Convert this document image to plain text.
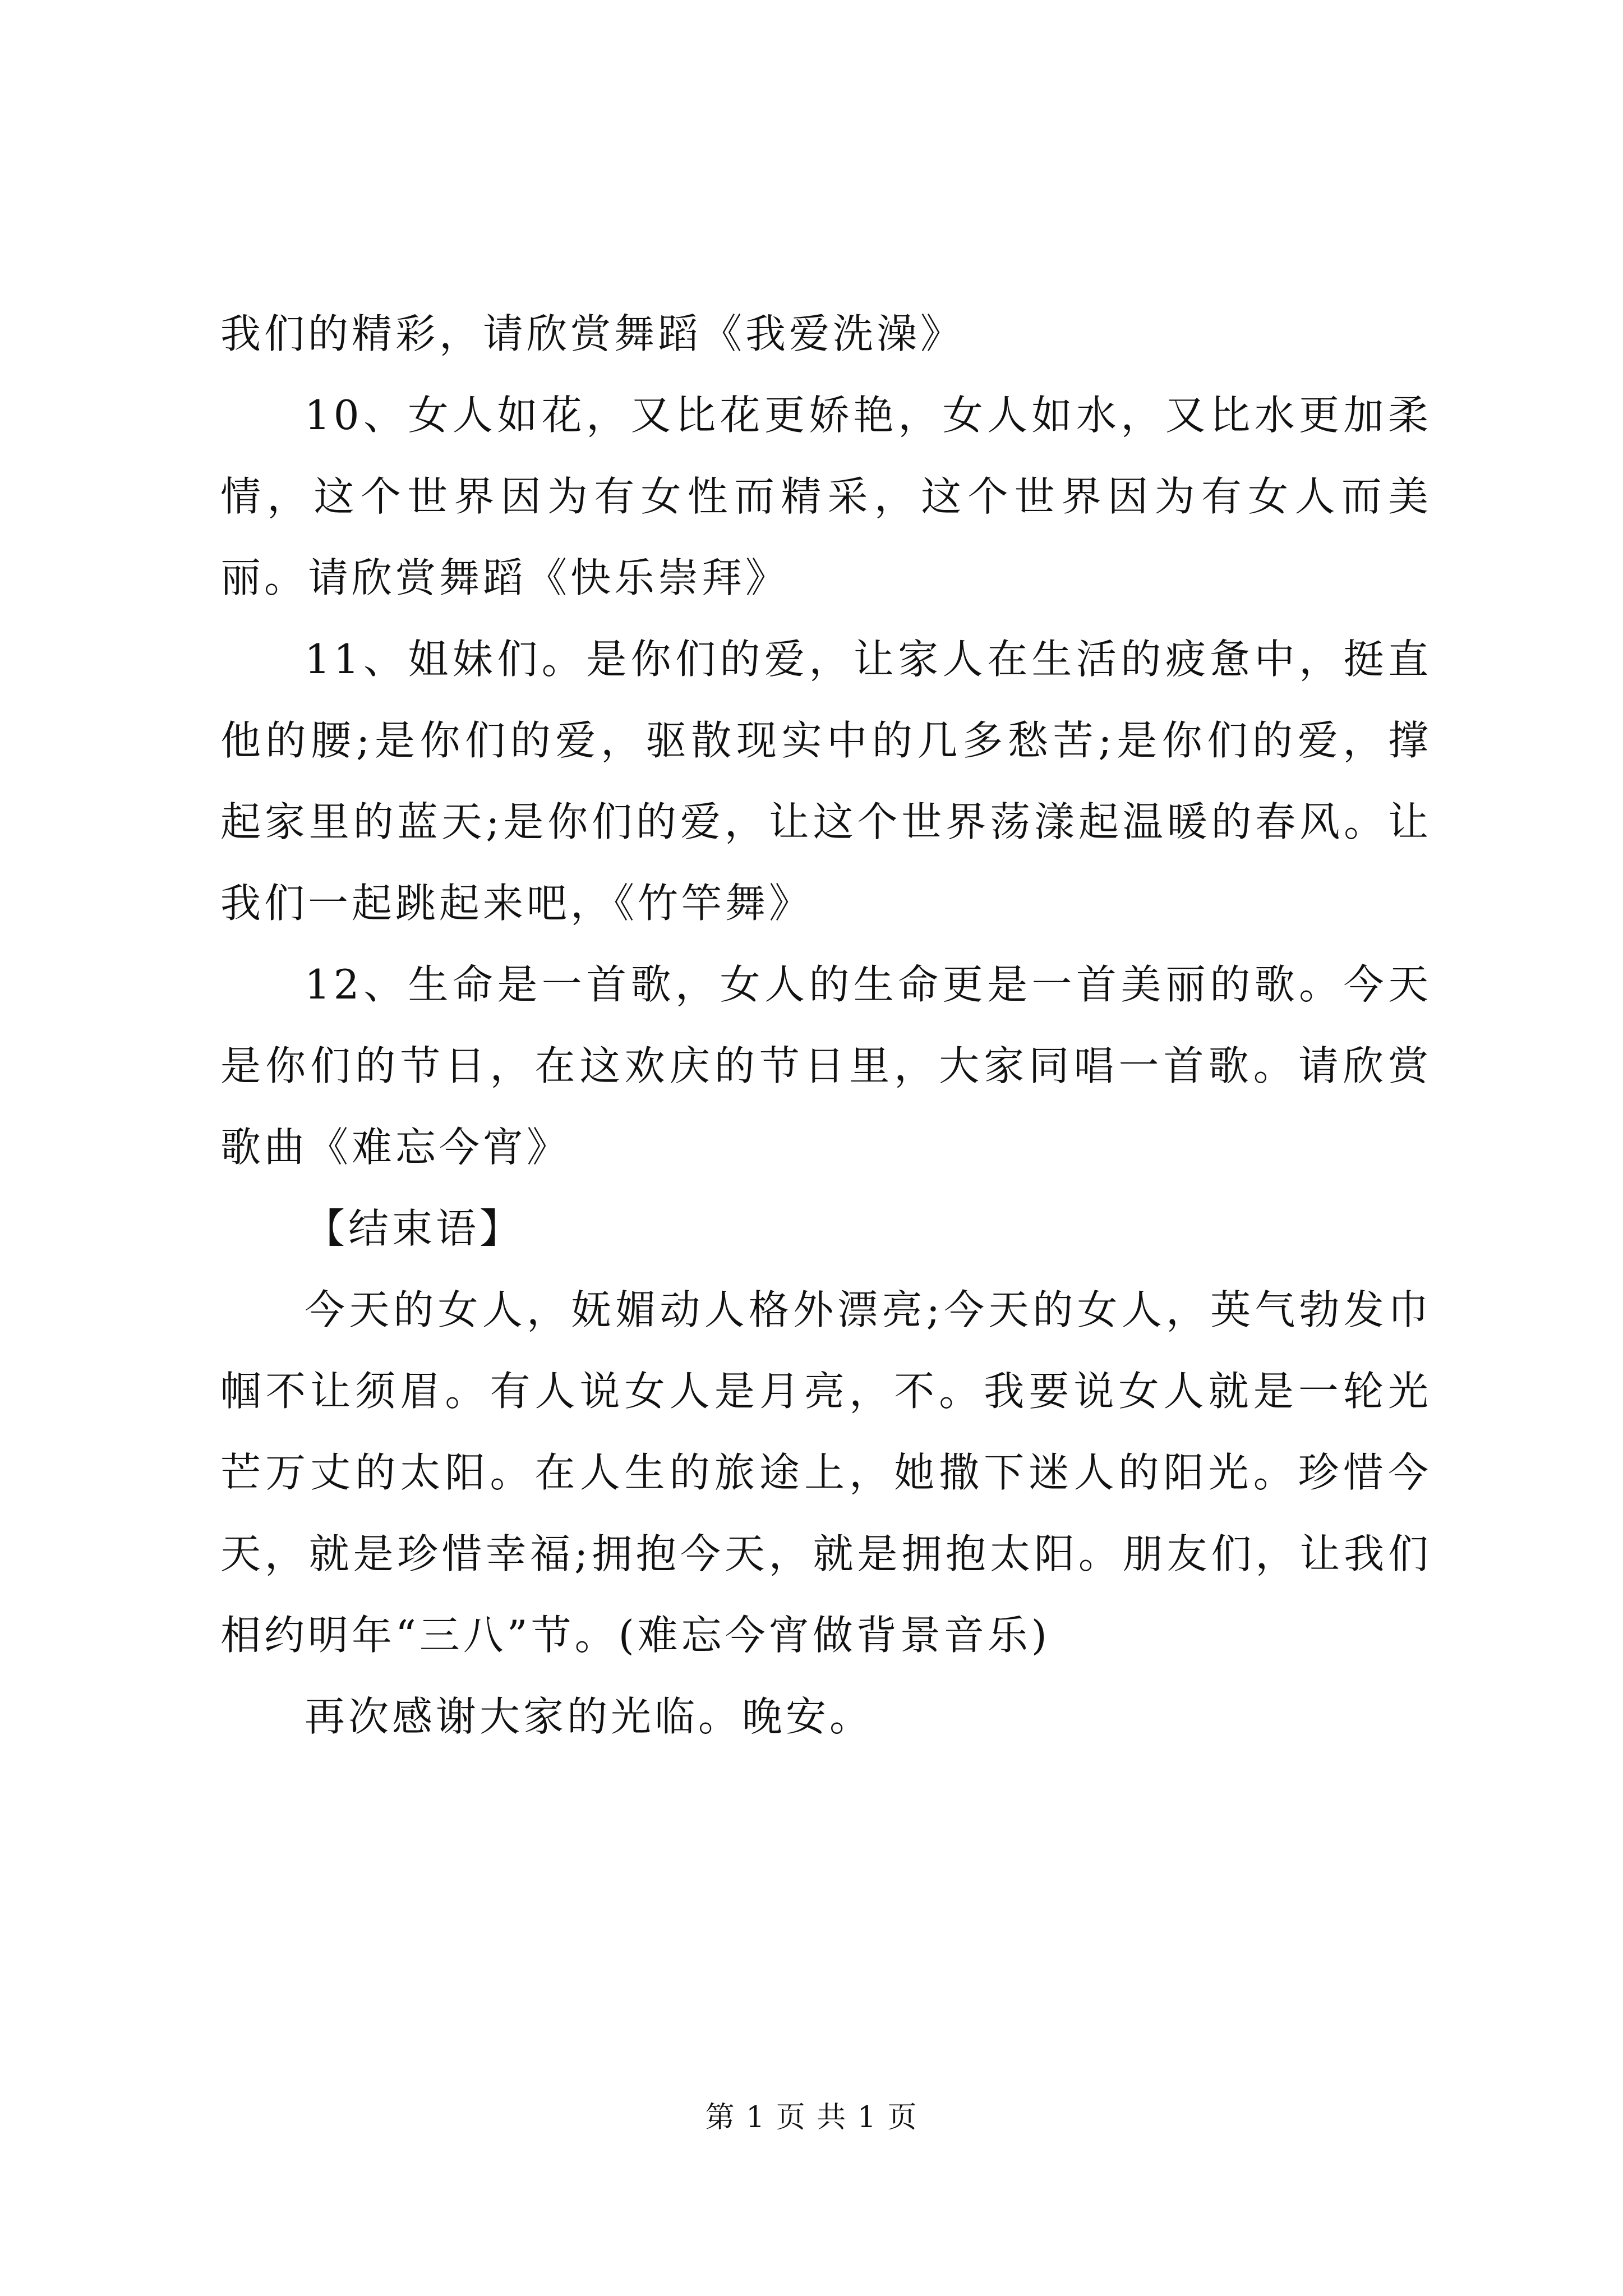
我们的精彩，请欣赏舞蹈《我爱洗澡》

10、女人如花，又比花更娇艳，女人如水，又比水更加柔情，这个世界因为有女性而精采，这个世界因为有女人而美丽。请欣赏舞蹈《快乐崇拜》

11、姐妹们。是你们的爱，让家人在生活的疲惫中，挺直他的腰;是你们的爱，驱散现实中的几多愁苦;是你们的爱，撑起家里的蓝天;是你们的爱，让这个世界荡漾起温暖的春风。让我们一起跳起来吧，《竹竿舞》

12、生命是一首歌，女人的生命更是一首美丽的歌。今天是你们的节日，在这欢庆的节日里，大家同唱一首歌。请欣赏歌曲《难忘今宵》

【结束语】

今天的女人，妩媚动人格外漂亮;今天的女人，英气勃发巾帼不让须眉。有人说女人是月亮，不。我要说女人就是一轮光芒万丈的太阳。在人生的旅途上，她撒下迷人的阳光。珍惜今天，就是珍惜幸福;拥抱今天，就是拥抱太阳。朋友们，让我们相约明年“三八”节。(难忘今宵做背景音乐)

再次感谢大家的光临。晚安。

第 1 页 共 1 页
